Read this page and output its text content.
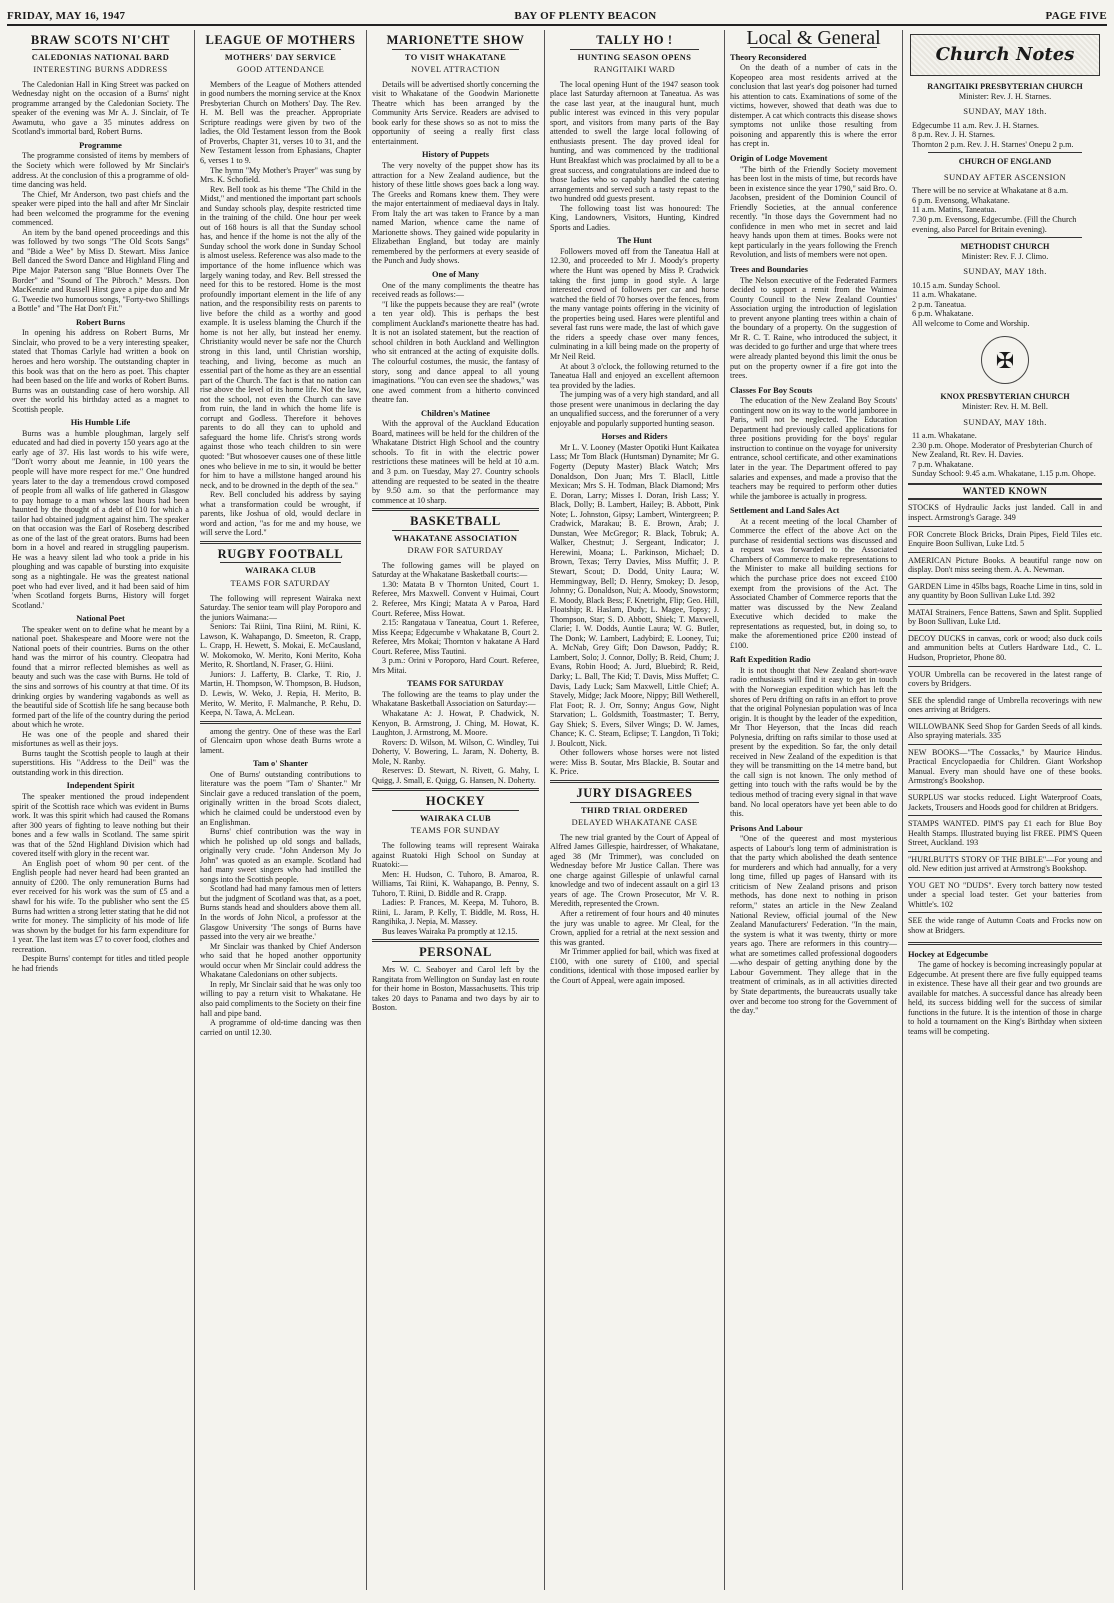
FRIDAY, MAY 16, 1947	BAY OF PLENTY BEACON	PAGE FIVE
BRAW SCOTS NI'CHT
CALEDONIAS NATIONAL BARD
INTERESTING BURNS ADDRESS

The Caledonian Hall in King Street was packed on Wednesday night on the occasion of a Burns' night programme arranged by the Caledonian Society. The speaker of the evening was Mr A. J. Sinclair, of Te Awamutu, who gave a 35 minutes address on Scotland's immortal bard, Robert Burns.

Programme

The programme consisted of items by members of the Society which were followed by Mr Sinclair's address. At the conclusion of this a programme of old-time dancing was held.

The Chief, Mr Anderson, two past chiefs and the speaker were piped into the hall and after Mr Sinclair had been welcomed the programme for the evening commenced.

An item by the band opened proceedings and this was followed by two songs "The Old Scots Sangs" and "Bide a Wee" by Miss D. Stewart. Miss Janice Bell danced the Sword Dance and Highland Fling and Pipe Major Paterson sang "Blue Bonnets Over The Border" and "Sound of The Pibroch." Messrs. Don MacKenzie and Russell Hirst gave a pipe duo and Mr G. Tweedie two humorous songs, "Forty-two Shillings a Bottle" and "The Hat Don't Fit."

Robert Burns

In opening his address on Robert Burns, Mr Sinclair, who proved to be a very interesting speaker, stated that Thomas Carlyle had written a book on heroes and hero worship. The outstanding chapter in this book was that on the hero as poet. This chapter had been based on the life and works of Robert Burns. Burns was an outstanding case of hero worship. All over the world his birthday acted as a magnet to Scottish people.

His Humble Life

Burns was a humble ploughman, largely self educated and had died in poverty 150 years ago at the early age of 37. His last words to his wife were, "Don't worry about me Jeannie, in 100 years the people will have more respect for me." One hundred years later to the day a tremendous crowd composed of people from all walks of life gathered in Glasgow to pay homage to a man whose last hours had been haunted by the thought of a debt of £10 for which a tailor had obtained judgment against him. The speaker on that occasion was the Earl of Roseberg described as one of the last of the great orators. Burns had been born in a hovel and reared in struggling pauperism. He was a heavy silent lad who took a pride in his ploughing and was capable of bursting into exquisite song as a nightingale. He was the greatest national poet who had ever lived, and it had been said of him 'when Scotland forgets Burns, History will forget Scotland.'

National Poet

The speaker went on to define what he meant by a national poet. Shakespeare and Moore were not the National poets of their countries. Burns on the other hand was the mirror of his country. Cleopatra had found that a mirror reflected blemishes as well as beauty and such was the case with Burns. He told of the sins and sorrows of his country at that time. Of its drinking orgies by wandering vagabonds as well as the beautiful side of Scottish life he sang because both formed part of the life of the country during the period about which he wrote.

He was one of the people and shared their misfortunes as well as their joys.

Burns taught the Scottish people to laugh at their superstitions. His "Address to the Deil" was the outstanding work in this direction.

Independent Spirit

The speaker mentioned the proud independent spirit of the Scottish race which was evident in Burns work. It was this spirit which had caused the Romans after 300 years of fighting to leave nothing but their bones and a few walls in Scotland. The same spirit was that of the 52nd Highland Division which had covered itself with glory in the recent war.

An English poet of whom 90 per cent. of the English people had never heard had been granted an annuity of £200. The only remuneration Burns had ever received for his work was the sum of £5 and a shawl for his wife. To the publisher who sent the £5 Burns had written a strong letter stating that he did not write for money. The simplicity of his mode of life was shown by the budget for his farm expenditure for 1 year. The last item was £7 to cover food, clothes and recreation.

Despite Burns' contempt for titles and titled people he had friends

LEAGUE OF MOTHERS
MOTHERS' DAY SERVICE
GOOD ATTENDANCE

Members of the League of Mothers attended in good numbers the morning service at the Knox Presbyterian Church on Mothers' Day. The Rev. H. M. Bell was the preacher. Appropriate Scripture readings were given by two of the ladies, the Old Testament lesson from the Book of Proverbs, Chapter 31, verses 10 to 31, and the New Testament lesson from Ephasians, Chapter 6, verses 1 to 9.

The hymn "My Mother's Prayer" was sung by Mrs. K. Schofield.

Rev. Bell took as his theme "The Child in the Midst," and mentioned the important part schools and Sunday schools play, despite restricted time in the training of the child. One hour per week out of 168 hours is all that the Sunday school has, and hence if the home is not the ally of the Sunday school the work done in Sunday School is almost useless. Reference was also made to the importance of the home influence which was largely waning today, and Rev. Bell stressed the need for this to be restored. Home is the most profoundly important element in the life of any nation, and the responsibility rests on parents to live before the child as a worthy and good example. It is useless blaming the Church if the home is not her ally, but instead her enemy. Christianity would never be safe nor the Church strong in this land, until Christian worship, teaching, and living, become as much an essential part of the home as they are an essential part of the Church. The fact is that no nation can rise above the level of its home life. Not the law, not the school, not even the Church can save from ruin, the land in which the home life is corrupt and Godless. Therefore it behoves parents to do all they can to uphold and safeguard the home life. Christ's strong words against those who teach children to sin were quoted: "But whosoever causes one of these little ones who believe in me to sin, it would be better for him to have a millstone hanged around his neck, and to be drowned in the depth of the sea."

Rev. Bell concluded his address by saying what a transformation could be wrought, if parents, like Joshua of old, would declare in word and action, "as for me and my house, we will serve the Lord."

RUGBY FOOTBALL
WAIRAKA CLUB
TEAMS FOR SATURDAY

The following will represent Wairaka next Saturday. The senior team will play Poroporo and the juniors Waimana:—

Seniors: Tai Riini, Tina Riini, M. Riini, K. Lawson, K. Wahapango, D. Smeeton, R. Crapp, L. Crapp, H. Hewett, S. Mokai, E. McCausland, W. Mokomoko, W. Merito, Koni Merito, Koha Merito, R. Shortland, N. Fraser, G. Hiini.

Juniors: J. Lafferty, B. Clarke, T. Rio, J. Martin, H. Thompson, W. Thompson, B. Hudson, D. Lewis, W. Weko, J. Repia, H. Merito, B. Merito, W. Merito, F. Malmanche, P. Rehu, D. Keepa, N. Tawa, A. McLean.

among the gentry. One of these was the Earl of Glencairn upon whose death Burns wrote a lament.

Tam o' Shanter

One of Burns' outstanding contributions to literature was the poem "Tam o' Shanter." Mr Sinclair gave a reduced translation of the poem, originally written in the broad Scots dialect, which he claimed could be understood even by an Englishman.

Burns' chief contribution was the way in which he polished up old songs and ballads, originally very crude. "John Anderson My Jo John" was quoted as an example. Scotland had had many sweet singers who had instilled the songs into the Scottish people.

Scotland had had many famous men of letters but the judgment of Scotland was that, as a poet, Burns stands head and shoulders above them all. In the words of John Nicol, a professor at the Glasgow University 'The songs of Burns have passed into the very air we breathe.'

Mr Sinclair was thanked by Chief Anderson who said that he hoped another opportunity would occur when Mr Sinclair could address the Whakatane Caledonians on other subjects.

In reply, Mr Sinclair said that he was only too willing to pay a return visit to Whakatane. He also paid compliments to the Society on their fine hall and pipe band.

A programme of old-time dancing was then carried on until 12.30.

MARIONETTE SHOW
TO VISIT WHAKATANE
NOVEL ATTRACTION

Details will be advertised shortly concerning the visit to Whakatane of the Goodwin Marionette Theatre which has been arranged by the Community Arts Service. Readers are advised to book early for these shows so as not to miss the opportunity of seeing a really first class entertainment.

History of Puppets

The very novelty of the puppet show has its attraction for a New Zealand audience, but the history of these little shows goes back a long way. The Greeks and Romans knew them. They were the major entertainment of mediaeval days in Italy. From Italy the art was taken to France by a man named Marion, whence came the name of Marionette shows. They gained wide popularity in Elizabethan England, but today are mainly remembered by the performers at every seaside of the Punch and Judy shows.

One of Many

One of the many compliments the theatre has received reads as follows:—

"I like the puppets because they are real" (wrote a ten year old). This is perhaps the best compliment Auckland's marionette theatre has had. It is not an isolated statement, but the reaction of school children in both Auckland and Wellington who sit entranced at the acting of exquisite dolls. The colourful costumes, the music, the fantasy of story, song and dance appeal to all young imaginations. "You can even see the shadows," was one awed comment from a hitherto convinced theatre fan.

Children's Matinee

With the approval of the Auckland Education Board, matinees will be held for the children of the Whakatane District High School and the country schools. To fit in with the electric power restrictions these matinees will be held at 10 a.m. and 3 p.m. on Tuesday, May 27. Country schools attending are requested to be seated in the theatre by 9.50 a.m. so that the performance may commence at 10 sharp.

BASKETBALL
WHAKATANE ASSOCIATION
DRAW FOR SATURDAY

The following games will be played on Saturday at the Whakatane Basketball courts:—

1.30: Matata B v Thornton United, Court 1. Referee, Mrs Maxwell. Convent v Huimai, Court 2. Referee, Mrs Kingi; Matata A v Paroa, Hard Court. Referee, Miss Howat.

2.15: Rangataua v Taneatua, Court 1. Referee, Miss Keepa; Edgecumbe v Whakatane B, Court 2. Referee, Mrs Mokai; Thornton v hakatane A Hard Court. Referee, Miss Tautini.

3 p.m.: Orini v Poroporo, Hard Court. Referee, Mrs Mitai.

TEAMS FOR SATURDAY

The following are the teams to play under the Whakatane Basketball Association on Saturday:—

Whakatane A: J. Howat, P. Chadwick, N. Kenyon, B. Armstrong, J. Ching, M. Howat, K. Laughton, J. Armstrong, M. Moore.

Rovers: D. Wilson, M. Wilson, C. Windley, Tui Doherty, V. Bowering, L. Jaram, N. Doherty, B. Mole, N. Ranby.

Reserves: D. Stewart, N. Rivett, G. Mahy, I. Quigg, J. Small, E. Quigg, G. Hansen, N. Doherty.

HOCKEY
WAIRAKA CLUB
TEAMS FOR SUNDAY

The following teams will represent Wairaka against Ruatoki High School on Sunday at Ruatoki:—

Men: H. Hudson, C. Tuhoro, B. Amaroa, R. Williams, Tai Riini, K. Wahapango, B. Penny, S. Tuhoro, T. Riini, D. Biddle and R. Crapp.

Ladies: P. Frances, M. Keepa, M. Tuhoro, B. Riini, L. Jaram, P. Kelly, T. Biddle, M. Ross, H. Rangihika, J. Nepia, M. Massey.

Bus leaves Wairaka Pa promptly at 12.15.

PERSONAL

Mrs W. C. Seaboyer and Carol left by the Rangitata from Wellington on Sunday last en route for their home in Boston, Massachusetts. This trip takes 20 days to Panama and two days by air to Boston.

TALLY HO !
HUNTING SEASON OPENS
RANGITAIKI WARD

The local opening Hunt of the 1947 season took place last Saturday afternoon at Taneatua. As was the case last year, at the inaugural hunt, much public interest was evinced in this very popular sport, and visitors from many parts of the Bay attended to swell the large local following of enthusiasts present. The day proved ideal for hunting, and was commenced by the traditional Hunt Breakfast which was proclaimed by all to be a great success, and congratulations are indeed due to those ladies who so capably handled the catering arrangements and served such a tasty repast to the two hundred odd guests present.

The following toast list was honoured: The King, Landowners, Visitors, Hunting, Kindred Sports and Ladies.

The Hunt

Followers moved off from the Taneatua Hall at 12.30, and proceeded to Mr J. Moody's property where the Hunt was opened by Miss P. Cradwick taking the first jump in good style. A large interested crowd of followers per car and horse watched the field of 70 horses over the fences, from the many vantage points offering in the vicinity of the properties being used. Hares were plentiful and several fast runs were made, the last of which gave the riders a speedy chase over many fences, culminating in a kill being made on the property of Mr Neil Reid.

At about 3 o'clock, the following returned to the Taneatua Hall and enjoyed an excellent afternoon tea provided by the ladies.

The jumping was of a very high standard, and all those present were unanimous in declaring the day an unqualified success, and the forerunner of a very enjoyable and popularly supported hunting season.

Horses and Riders

Mr L. V. Looney (Master Opotiki Hunt Kaikatea Lass; Mr Tom Black (Huntsman) Dynamite; Mr G. Fogerty (Deputy Master) Black Watch; Mrs Donaldson, Don Juan; Mrs T. Blacll, Little Mexican; Mrs S. H. Todman, Black Diamond; Mrs E. Doran, Larry; Misses I. Doran, Irish Lass; Y. Black, Dolly; B. Lambert, Hailey; B. Abbott, Pink Note; L. Johnston, Gipsy; Lambert, Wintergreen; P. Cradwick, Marakau; B. E. Brown, Arab; J. Dunstan, Wee McGregor; R. Black, Tobruk; A. Walker, Chestnut; J. Sergeant, Indicator; J. Herewini, Moana; L. Parkinson, Michael; D. Brown, Texas; Terry Davies, Miss Muffit; J. P. Stewart, Scout; D. Dodd, Unity Laura; W. Hemmingway, Bell; D. Henry, Smokey; D. Jesop, Johnny; G. Donaldson, Nui; A. Moody, Snowstorm; E. Moody, Black Bess; F. Knetright, Flip; Geo. Hill, Floatship; R. Haslam, Dudy; L. Magee, Topsy; J. Thompson, Star; S. D. Abbott, Shiek; T. Maxwell, Clarie; I. W. Dodds, Auntie Laura; W. G. Butler, The Donk; W. Lambert, Ladybird; E. Looney, Tui; A. McNab, Grey Gift; Don Dawson, Paddy; R. Lambert, Solo; J. Connor, Dolly; B. Reid, Chum; J. Evans, Robin Hood; A. Jurd, Bluebird; R. Reid, Darky; L. Ball, The Kid; T. Davis, Miss Muffet; C. Davis, Lady Luck; Sam Maxwell, Little Chief; A. Stavely, Midge; Jack Moore, Nippy; Bill Wetherell, Flat Foot; R. J. Orr, Sonny; Angus Gow, Night Starvation; L. Goldsmith, Toastmaster; T. Berry, Gay Shiek; S. Evers, Silver Wings; D. W. James, Chance; K. C. Steam, Eclipse; T. Langdon, Ti Toki; J. Boulcott, Nick.

Other followers whose horses were not listed were: Miss B. Soutar, Mrs Blackie, B. Soutar and K. Price.

JURY DISAGREES
THIRD TRIAL ORDERED
DELAYED WHAKATANE CASE

The new trial granted by the Court of Appeal of Alfred James Gillespie, hairdresser, of Whakatane, aged 38 (Mr Trimmer), was concluded on Wednesday before Mr Justice Callan. There was one charge against Gillespie of unlawful carnal knowledge and two of indecent assault on a girl 13 years of age. The Crown Prosecutor, Mr V. R. Meredith, represented the Crown.

After a retirement of four hours and 40 minutes the jury was unable to agree. Mr Cleal, for the Crown, applied for a retrial at the next session and this was granted.

Mr Trimmer applied for bail, which was fixed at £100, with one surety of £100, and special conditions, identical with those imposed earlier by the Court of Appeal, were again imposed.

Local & General
Theory Reconsidered

On the death of a number of cats in the Kopeopeo area most residents arrived at the conclusion that last year's dog poisoner had turned his attention to cats. Examinations of some of the victims, however, showed that death was due to distemper. A cat which contracts this disease shows symptoms not unlike those resulting from poisoning and apparently this is where the error has crept in.

Origin of Lodge Movement

"The birth of the Friendly Society movement has been lost in the mists of time, but records have been in existence since the year 1790," said Bro. O. Jacobsen, president of the Dominion Council of Friendly Societies, at the annual conference recently. "In those days the Government had no confidence in men who met in secret and laid heavy hands upon them at times. Books were not kept particularly in the years following the French Revolution, and lists of members were not open.

Trees and Boundaries

The Nelson executive of the Federated Farmers decided to support a remit from the Waimea County Council to the New Zealand Counties' Association urging the introduction of legislation to prevent anyone planting trees within a chain of the boundary of a property. On the suggestion of Mr R. C. T. Raine, who introduced the subject, it was decided to go further and urge that where trees were already planted beyond this limit the onus be put on the property owner if a fire got into the trees.

Classes For Boy Scouts

The education of the New Zealand Boy Scouts' contingent now on its way to the world jamboree in Paris, will not be neglected. The Education Department had previously called applications for three positions providing for the boys' regular instruction to continue on the voyage for university entrance, school certificate, and other examinations later in the year. The Department offered to pay salaries and expenses, and made a proviso that the teachers may be required to perform other duties while the jamboree is actually in progress.

Settlement and Land Sales Act

At a recent meeting of the local Chamber of Commerce the effect of the above Act on the purchase of residential sections was discussed and a request was forwarded to the Associated Chambers of Commerce to make representations to the Minister to make all building sections for which the purchase price does not exceed £100 exempt from the provisions of the Act. The Associated Chamber of Commerce reports that the matter was discussed by the New Zealand Executive which decided to make the representations as requested, but, in doing so, to make the aforementioned price £200 instead of £100.

Raft Expedition Radio

It is not thought that New Zealand short-wave radio enthusiasts will find it easy to get in touch with the Norwegian expedition which has left the shores of Peru drifting on rafts in an effort to prove that the original Polynesian population was of Inca origin. It is thought by the leader of the expedition, Mr Thor Heyerson, that the Incas did reach Polynesia, drifting on rafts similar to those used at present by the expedition. So far, the only detail received in New Zealand of the expedition is that they will be transmitting on the 14 metre band, but the call sign is not known. The only method of getting into touch with the rafts would be by the tedious method of tracing every signal in that wave band. No local operators have yet been able to do this.

Prisons And Labour

"One of the queerest and most mysterious aspects of Labour's long term of administration is that the party which abolished the death sentence for murderers and which had annually, for a very long time, filled up pages of Hansard with its criticism of New Zealand prisons and prison methods, has done next to nothing in prison reform," states an article in the New Zealand National Review, official journal of the New Zealand Manufacturers' Federation. "In the main, the system is what it was twenty, thirty or more years ago. There are reformers in this country—what are sometimes called professional dogooders—who despair of getting anything done by the Labour Government. They allege that in the treatment of criminals, as in all activities directed by State departments, the bureaucrats usually take over and become too strong for the Government of the day."

Church Notes
RANGITAIKI PRESBYTERIAN CHURCH
Minister: Rev. J. H. Starnes.
SUNDAY, MAY 18th.
Edgecumbe 11 a.m. Rev. J. H. Starnes.
8 p.m. Rev. J. H. Starnes.
Thornton 2 p.m. Rev. J. H. Starnes' Onepu 2 p.m.
CHURCH OF ENGLAND
SUNDAY AFTER ASCENSION
There will be no service at Whakatane at 8 a.m.
6 p.m. Evensong, Whakatane.
11 a.m. Matins, Taneatua.
7.30 p.m. Evensong, Edgecumbe. (Fill the Church evening, also Parcel for Britain evening).
METHODIST CHURCH
Minister: Rev. F. J. Climo.
SUNDAY, MAY 18th.
10.15 a.m. Sunday School.
11 a.m. Whakatane.
2 p.m. Taneatua.
6 p.m. Whakatane.
All welcome to Come and Worship.
✠
KNOX PRESBYTERIAN CHURCH
Minister: Rev. H. M. Bell.
SUNDAY, MAY 18th.
11 a.m. Whakatane.
2.30 p.m. Ohope. Moderator of Presbyterian Church of New Zealand, Rt. Rev. H. Davies.
7 p.m. Whakatane.
Sunday School: 9.45 a.m. Whakatane, 1.15 p.m. Ohope.
WANTED KNOWN

STOCKS of Hydraulic Jacks just landed. Call in and inspect. Armstrong's Garage. 349

FOR Concrete Block Bricks, Drain Pipes, Field Tiles etc. Enquire Boon Sullivan, Luke Ltd. 5

AMERICAN Picture Books. A beautiful range now on display. Don't miss seeing them. A. A. Newman.

GARDEN Lime in 45lbs bags, Roache Lime in tins, sold in any quantity by Boon Sullivan Luke Ltd. 392

MATAI Strainers, Fence Battens, Sawn and Split. Supplied by Boon Sullivan, Luke Ltd.

DECOY DUCKS in canvas, cork or wood; also duck coils and ammunition belts at Cutlers Hardware Ltd., C. L. Hudson, Proprietor, Phone 80.

YOUR Umbrella can be recovered in the latest range of covers by Bridgers.

SEE the splendid range of Umbrella recoverings with new ones arriving at Bridgers.

WILLOWBANK Seed Shop for Garden Seeds of all kinds. Also spraying materials. 335

NEW BOOKS—"The Cossacks," by Maurice Hindus. Practical Encyclopaedia for Children. Giant Workshop Manual. Every man should have one of these books. Armstrong's Bookshop.

SURPLUS war stocks reduced. Light Waterproof Coats, Jackets, Trousers and Hoods good for children at Bridgers.

STAMPS WANTED. PIM'S pay £1 each for Blue Boy Health Stamps. Illustrated buying list FREE. PIM'S Queen Street, Auckland. 193

"HURLBUTTS STORY OF THE BIBLE"—For young and old. New edition just arrived at Armstrong's Bookshop.

YOU GET NO "DUDS". Every torch battery now tested under a special load tester. Get your batteries from Whittle's. 102

SEE the wide range of Autumn Coats and Frocks now on show at Bridgers.

Hockey at Edgecumbe

The game of hockey is becoming increasingly popular at Edgecumbe. At present there are five fully equipped teams in existence. These have all their gear and two grounds are available for matches. A successful dance has already been held, its success bidding well for the success of similar functions in the future. It is the intention of those in charge to hold a tournament on the King's Birthday when sixteen teams will be competing.
